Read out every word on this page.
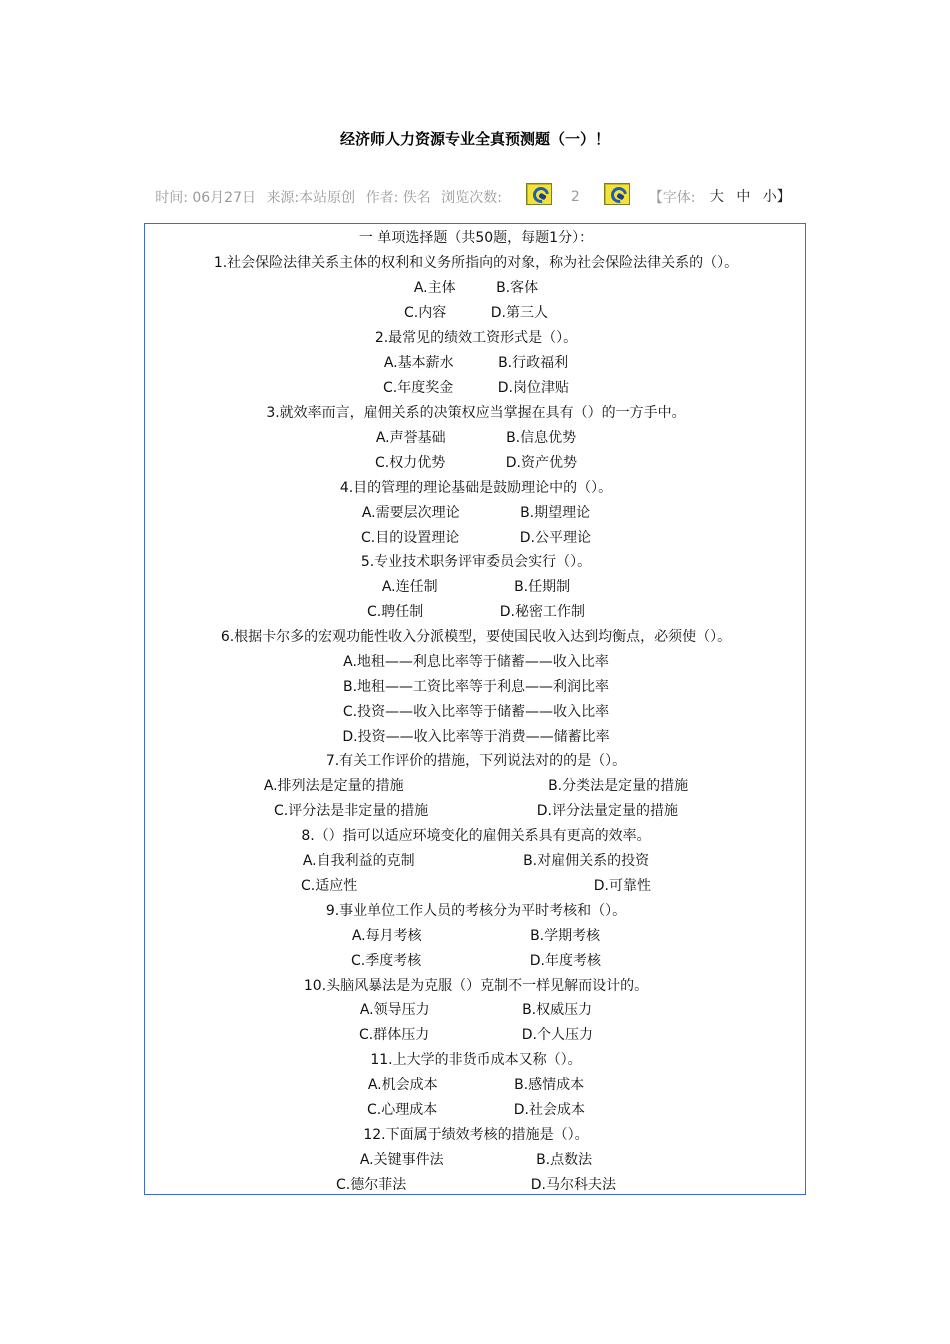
经济师人力资源专业全真预测题（一）！
时间: 06月27日 来源:本站原创 作者: 佚名 浏览次数:	2	【字体: 大 中 小】
一 单项选择题（共50题，每题1分）：
1.社会保险法律关系主体的权利和义务所指向的对象，称为社会保险法律关系的（）。
A.主体	B.客体
C.内容	D.第三人
2.最常见的绩效工资形式是（）。
A.基本薪水	B.行政福利
C.年度奖金	D.岗位津贴
3.就效率而言，雇佣关系的决策权应当掌握在具有（）的一方手中。
A.声誉基础	B.信息优势
C.权力优势	D.资产优势
4.目的管理的理论基础是鼓励理论中的（）。
A.需要层次理论	B.期望理论
C.目的设置理论	D.公平理论
5.专业技术职务评审委员会实行（）。
A.连任制	B.任期制
C.聘任制	D.秘密工作制
6.根据卡尔多的宏观功能性收入分派模型，要使国民收入达到均衡点，必须使（）。
A.地租——利息比率等于储蓄——收入比率
B.地租——工资比率等于利息——利润比率
C.投资——收入比率等于储蓄——收入比率
D.投资——收入比率等于消费——储蓄比率
7.有关工作评价的措施，下列说法对的的是（）。
A.排列法是定量的措施	B.分类法是定量的措施
C.评分法是非定量的措施	D.评分法量定量的措施
8.（）指可以适应环境变化的雇佣关系具有更高的效率。
A.自我利益的克制	B.对雇佣关系的投资
C.适应性	D.可靠性
9.事业单位工作人员的考核分为平时考核和（）。
A.每月考核	B.学期考核
C.季度考核	D.年度考核
10.头脑风暴法是为克服（）克制不一样见解而设计的。
A.领导压力	B.权威压力
C.群体压力	D.个人压力
11.上大学的非货币成本又称（）。
A.机会成本	B.感情成本
C.心理成本	D.社会成本
12.下面属于绩效考核的措施是（）。
A.关键事件法	B.点数法
C.德尔菲法	D.马尔科夫法
